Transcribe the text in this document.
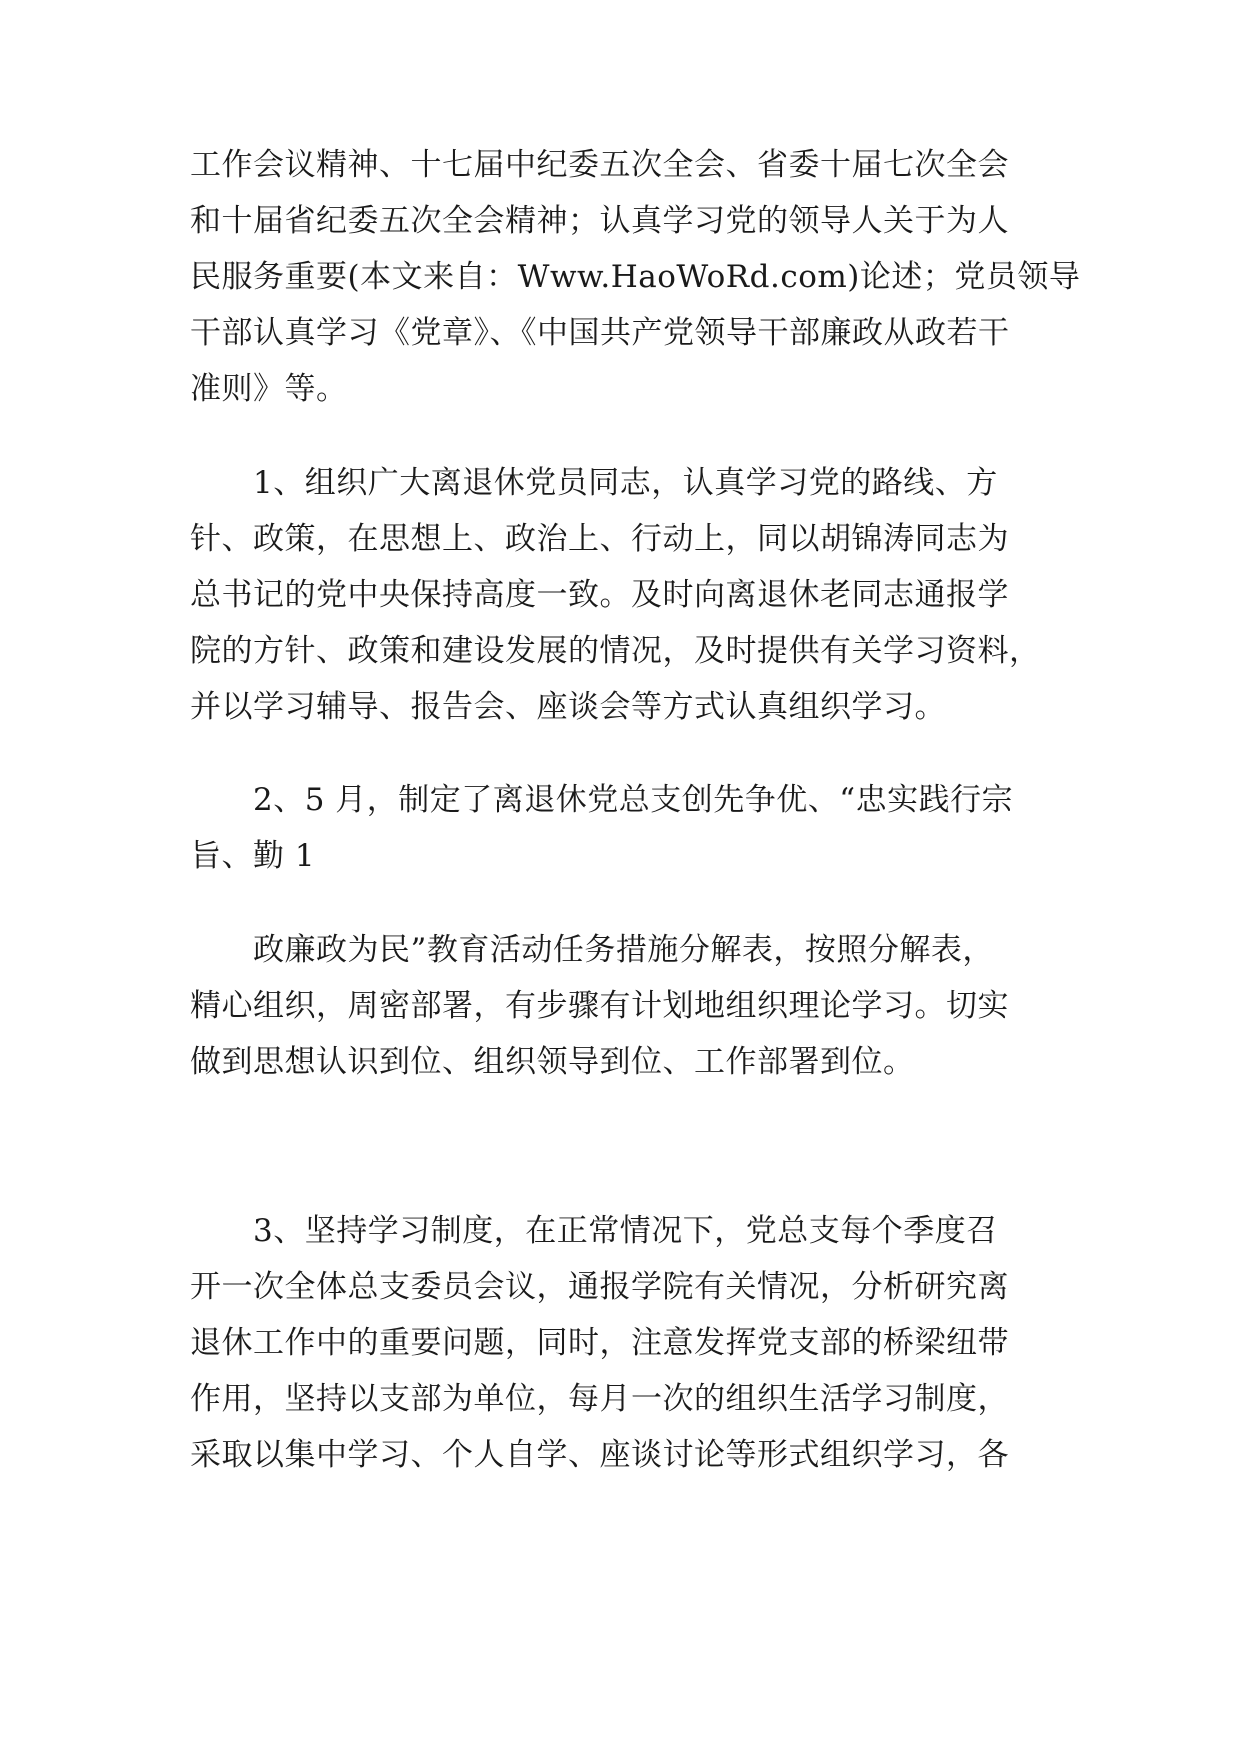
工作会议精神、十七届中纪委五次全会、省委十届七次全会
和十届省纪委五次全会精神；认真学习党的领导人关于为人
民服务重要(本文来自：Www.HaoWoRd.com)论述；党员领导
干部认真学习《党章》、《中国共产党领导干部廉政从政若干
准则》等。
　　1、组织广大离退休党员同志，认真学习党的路线、方
针、政策，在思想上、政治上、行动上，同以胡锦涛同志为
总书记的党中央保持高度一致。及时向离退休老同志通报学
院的方针、政策和建设发展的情况，及时提供有关学习资料，
并以学习辅导、报告会、座谈会等方式认真组织学习。
　　2、5 月，制定了离退休党总支创先争优、“忠实践行宗
旨、勤 1
　　政廉政为民”教育活动任务措施分解表，按照分解表，
精心组织，周密部署，有步骤有计划地组织理论学习。切实
做到思想认识到位、组织领导到位、工作部署到位。
　　3、坚持学习制度，在正常情况下，党总支每个季度召
开一次全体总支委员会议，通报学院有关情况，分析研究离
退休工作中的重要问题，同时，注意发挥党支部的桥梁纽带
作用，坚持以支部为单位，每月一次的组织生活学习制度，
采取以集中学习、个人自学、座谈讨论等形式组织学习，各
